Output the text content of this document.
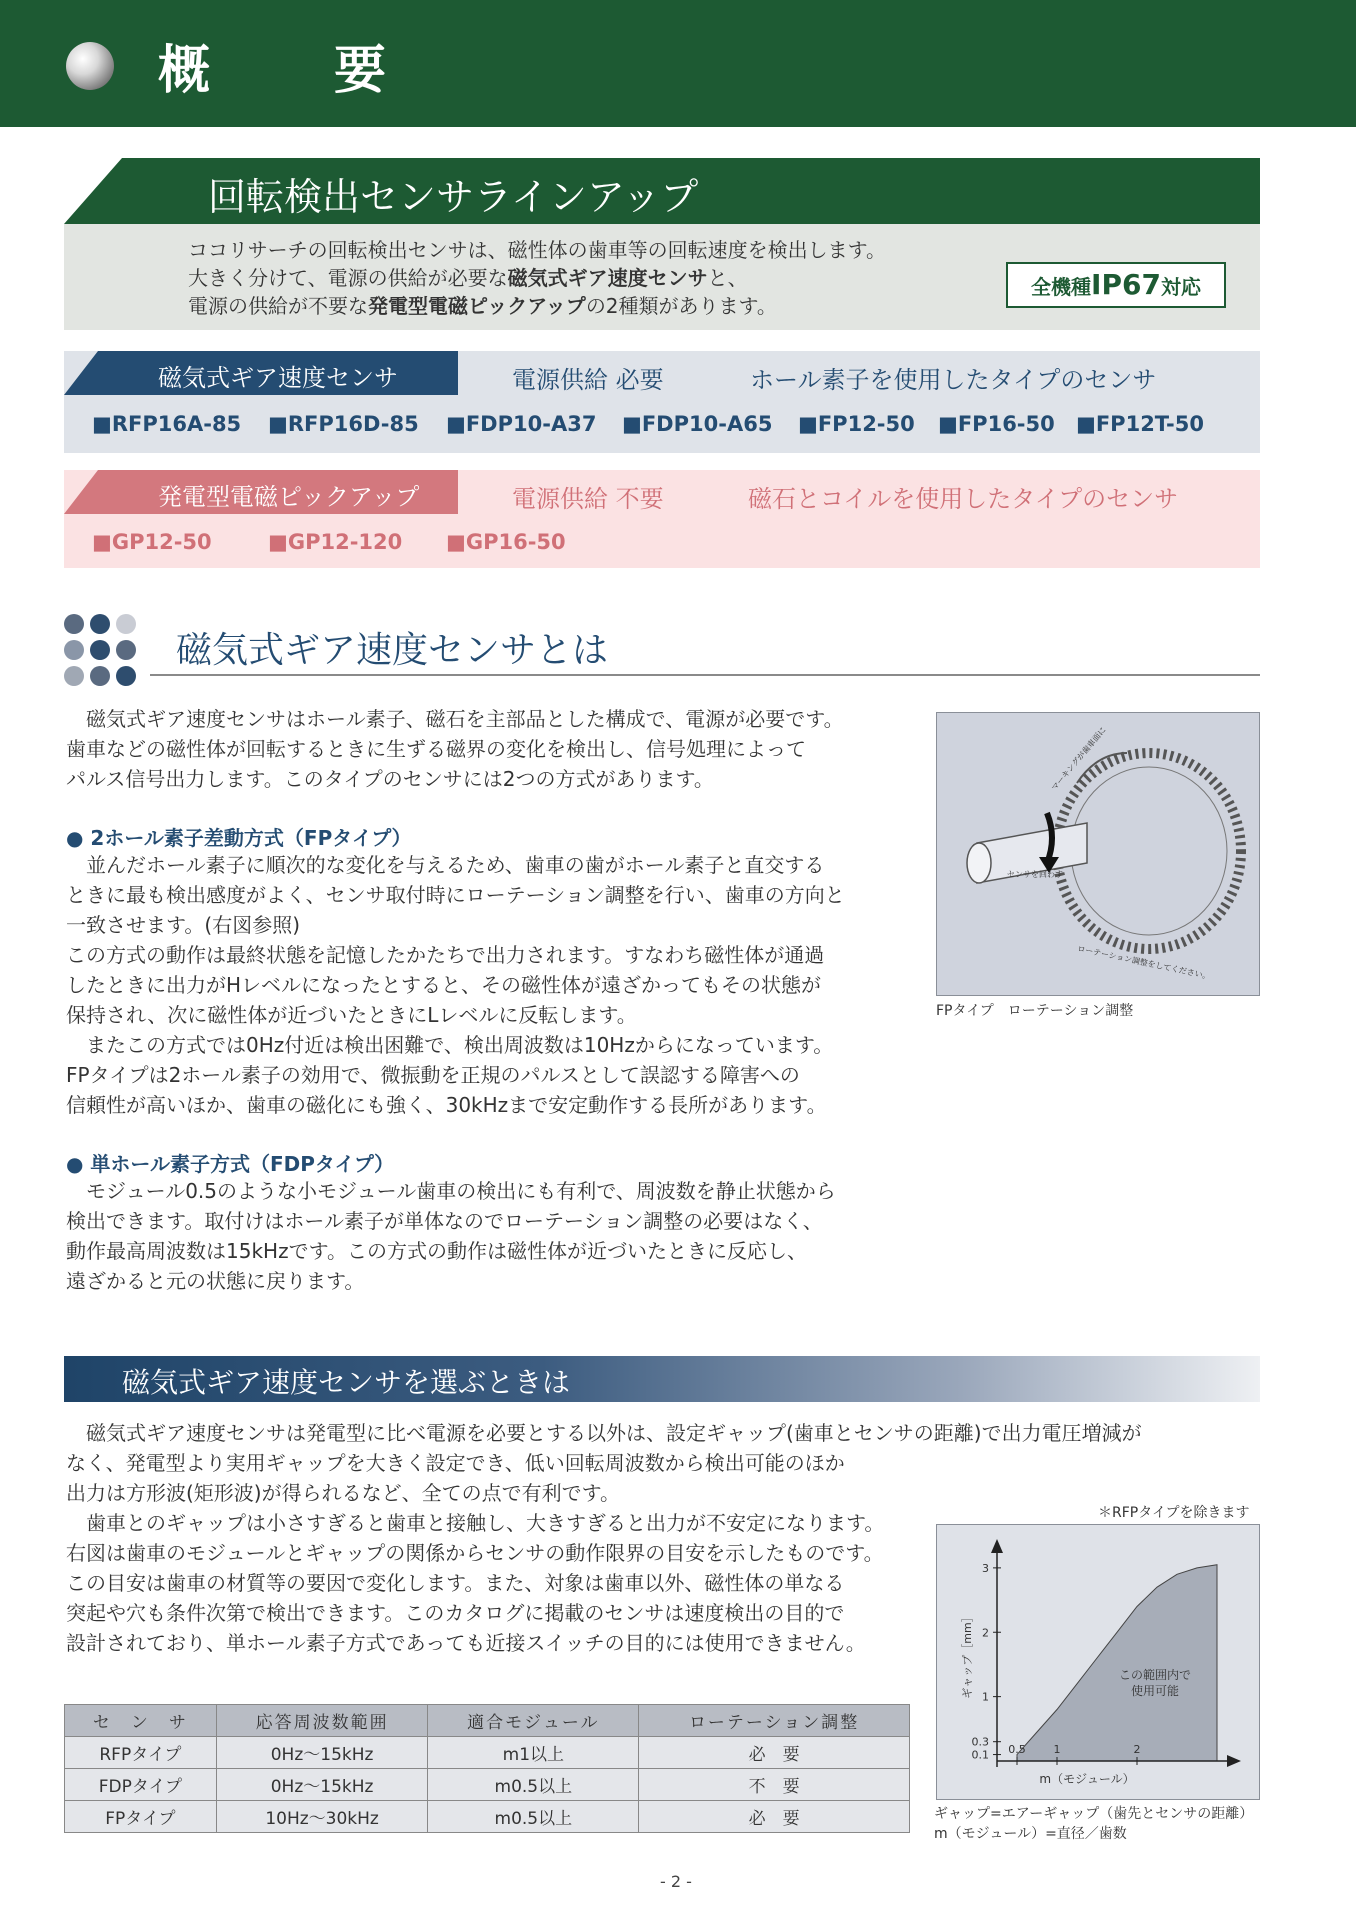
概　要
回転検出センサラインアップ
ココリサーチの回転検出センサは、磁性体の歯車等の回転速度を検出します。
大きく分けて、電源の供給が必要な磁気式ギア速度センサと、
電源の供給が不要な発電型電磁ピックアップの2種類があります。
全機種IP67対応
磁気式ギア速度センサ	電源供給 必要	ホール素子を使用したタイプのセンサ
■RFP16A-85 ■RFP16D-85 ■FDP10-A37 ■FDP10-A65 ■FP12-50 ■FP16-50 ■FP12T-50
発電型電磁ピックアップ	電源供給 不要	磁石とコイルを使用したタイプのセンサ
■GP12-50	■GP12-120 ■GP16-50
磁気式ギア速度センサとは
　磁気式ギア速度センサはホール素子、磁石を主部品とした構成で、電源が必要です。
歯車などの磁性体が回転するときに生ずる磁界の変化を検出し、信号処理によって
パルス信号出力します。このタイプのセンサには2つの方式があります。
● 2ホール素子差動方式（FPタイプ）
　並んだホール素子に順次的な変化を与えるため、歯車の歯がホール素子と直交する
ときに最も検出感度がよく、センサ取付時にローテーション調整を行い、歯車の方向と
一致させます。(右図参照)
この方式の動作は最終状態を記憶したかたちで出力されます。すなわち磁性体が通過
したときに出力がHレベルになったとすると、その磁性体が遠ざかってもその状態が
保持され、次に磁性体が近づいたときにLレベルに反転します。
　またこの方式では0Hz付近は検出困難で、検出周波数は10Hzからになっています。
FPタイプは2ホール素子の効用で、微振動を正規のパルスとして誤認する障害への
信頼性が高いほか、歯車の磁化にも強く、30kHzまで安定動作する長所があります。
● 単ホール素子方式（FDPタイプ）
　モジュール0.5のような小モジュール歯車の検出にも有利で、周波数を静止状態から
検出できます。取付けはホール素子が単体なのでローテーション調整の必要はなく、
動作最高周波数は15kHzです。この方式の動作は磁性体が近づいたときに反応し、
遠ざかると元の状態に戻ります。
センサを回わす
マーキングが歯車面に
ローテーション調整をしてください。
FPタイプ　ローテーション調整
磁気式ギア速度センサを選ぶときは
　磁気式ギア速度センサは発電型に比べ電源を必要とする以外は、設定ギャップ(歯車とセンサの距離)で出力電圧増減が
なく、発電型より実用ギャップを大きく設定でき、低い回転周波数から検出可能のほか
出力は方形波(矩形波)が得られるなど、全ての点で有利です。
　歯車とのギャップは小さすぎると歯車と接触し、大きすぎると出力が不安定になります。
右図は歯車のモジュールとギャップの関係からセンサの動作限界の目安を示したものです。
この目安は歯車の材質等の要因で変化します。また、対象は歯車以外、磁性体の単なる
突起や穴も条件次第で検出できます。このカタログに掲載のセンサは速度検出の目的で
設計されており、単ホール素子方式であっても近接スイッチの目的には使用できません。
＊RFPタイプを除きます
0.1
0.3
1
2
3
0.5	1	2
この範囲内で
使用可能
m（モジュール）
ギャップ［mm］
ギャップ=エアーギャップ（歯先とセンサの距離）
m（モジュール）=直径／歯数
セ　ン　サ	応答周波数範囲	適合モジュール	ローテーション調整
RFPタイプ	0Hz～15kHz	m1以上	必　要
FDPタイプ	0Hz～15kHz	m0.5以上	不　要
FPタイプ	10Hz～30kHz	m0.5以上	必　要
- 2 -
